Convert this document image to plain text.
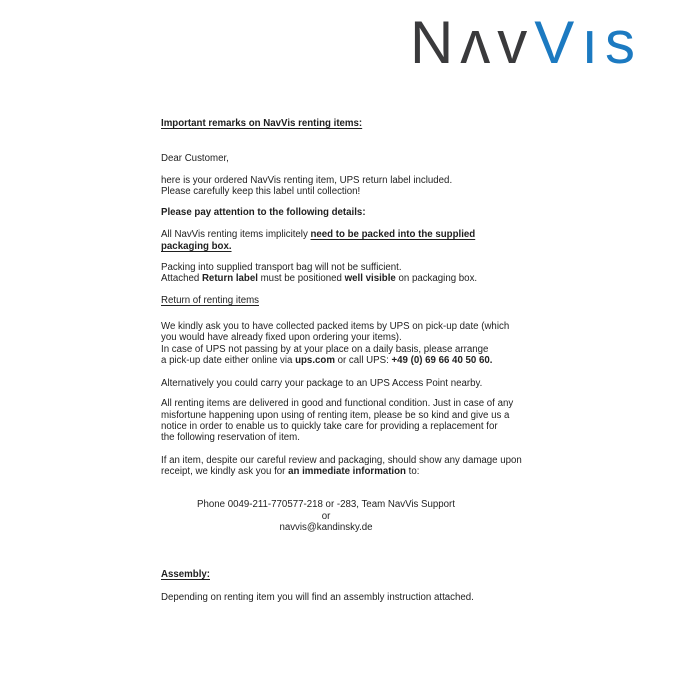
NʌvVıs
Important remarks on NavVis renting items:
Dear Customer,
here is your ordered NavVis renting item, UPS return label included.
Please carefully keep this label until collection!
Please pay attention to the following details:
All NavVis renting items implicitely need to be packed into the supplied
packaging box.
Packing into supplied transport bag will not be sufficient.
Attached Return label must be positioned well visible on packaging box.
Return of renting items
We kindly ask you to have collected packed items by UPS on pick-up date (which
you would have already fixed upon ordering your items).
In case of UPS not passing by at your place on a daily basis, please arrange
a pick-up date either online via ups.com or call UPS: +49 (0) 69 66 40 50 60.
Alternatively you could carry your package to an UPS Access Point nearby.
All renting items are delivered in good and functional condition. Just in case of any
misfortune happening upon using of renting item, please be so kind and give us a
notice in order to enable us to quickly take care for providing a replacement for
the following reservation of item.
If an item, despite our careful review and packaging, should show any damage upon
receipt, we kindly ask you for an immediate information to:
Phone 0049-211-770577-218 or -283, Team NavVis Support
or
navvis@kandinsky.de
Assembly:
Depending on renting item you will find an assembly instruction attached.
